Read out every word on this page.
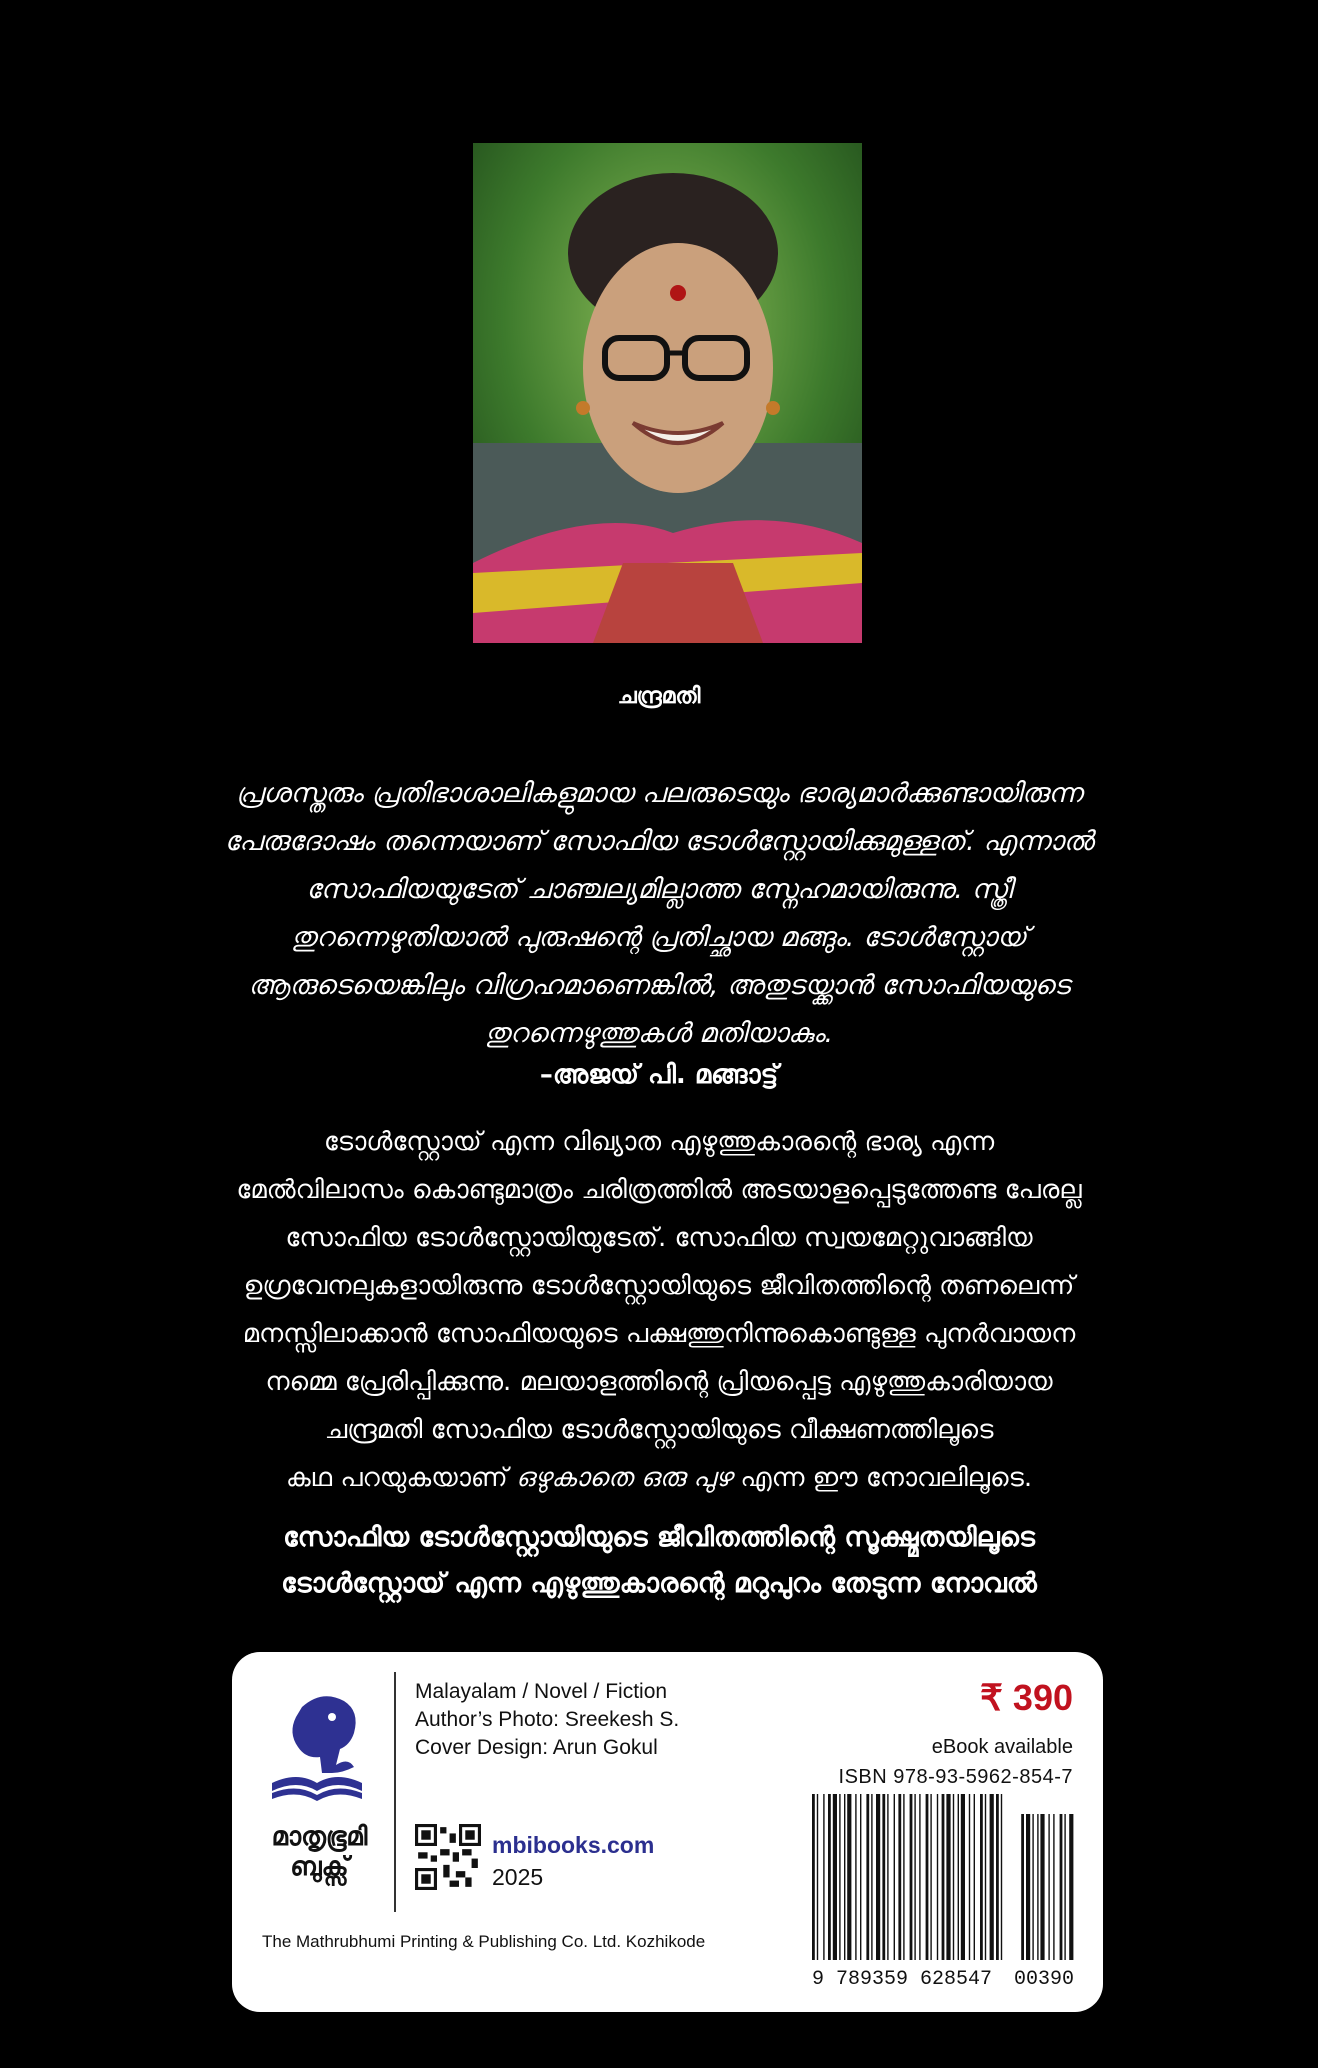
ചന്ദ്രമതി
പ്രശസ്തരും പ്രതിഭാശാലികളുമായ പലരുടെയും ഭാര്യമാർക്കുണ്ടായിരുന്ന
പേരുദോഷം തന്നെയാണ് സോഫിയ ടോൾസ്റ്റോയിക്കുമുള്ളത്. എന്നാൽ
സോഫിയയുടേത് ചാഞ്ചല്യമില്ലാത്ത സ്നേഹമായിരുന്നു. സ്ത്രീ
തുറന്നെഴുതിയാൽ പുരുഷന്റെ പ്രതിച്ഛായ മങ്ങും. ടോൾസ്റ്റോയ്
ആരുടെയെങ്കിലും വിഗ്രഹമാണെങ്കിൽ, അതുടയ്ക്കാൻ സോഫിയയുടെ
തുറന്നെഴുത്തുകൾ മതിയാകും.
–അജയ് പി. മങ്ങാട്ട്
ടോൾസ്റ്റോയ് എന്ന വിഖ്യാത എഴുത്തുകാരന്റെ ഭാര്യ എന്ന
മേൽവിലാസം കൊണ്ടുമാത്രം ചരിത്രത്തിൽ അടയാളപ്പെടുത്തേണ്ട പേരല്ല
സോഫിയ ടോൾസ്റ്റോയിയുടേത്. സോഫിയ സ്വയമേറ്റുവാങ്ങിയ
ഉഗ്രവേനലുകളായിരുന്നു ടോൾസ്റ്റോയിയുടെ ജീവിതത്തിന്റെ തണലെന്ന്
മനസ്സിലാക്കാൻ സോഫിയയുടെ പക്ഷത്തുനിന്നുകൊണ്ടുള്ള പുനർവായന
നമ്മെ പ്രേരിപ്പിക്കുന്നു. മലയാളത്തിന്റെ പ്രിയപ്പെട്ട എഴുത്തുകാരിയായ
ചന്ദ്രമതി സോഫിയ ടോൾസ്റ്റോയിയുടെ വീക്ഷണത്തിലൂടെ
കഥ പറയുകയാണ് ഒഴുകാതെ ഒരു പുഴ എന്ന ഈ നോവലിലൂടെ.
സോഫിയ ടോൾസ്റ്റോയിയുടെ ജീവിതത്തിന്റെ സൂക്ഷ്മതയിലൂടെ
ടോൾസ്റ്റോയ് എന്ന എഴുത്തുകാരന്റെ മറുപുറം തേടുന്ന നോവൽ
മാതൃഭൂമി
ബുക്സ്
Malayalam / Novel / Fiction
Author’s Photo: Sreekesh S.
Cover Design: Arun Gokul
mbibooks.com
2025
The Mathrubhumi Printing & Publishing Co. Ltd. Kozhikode
₹ 390
eBook available
ISBN 978-93-5962-854-7
9 789359 628547 00390
